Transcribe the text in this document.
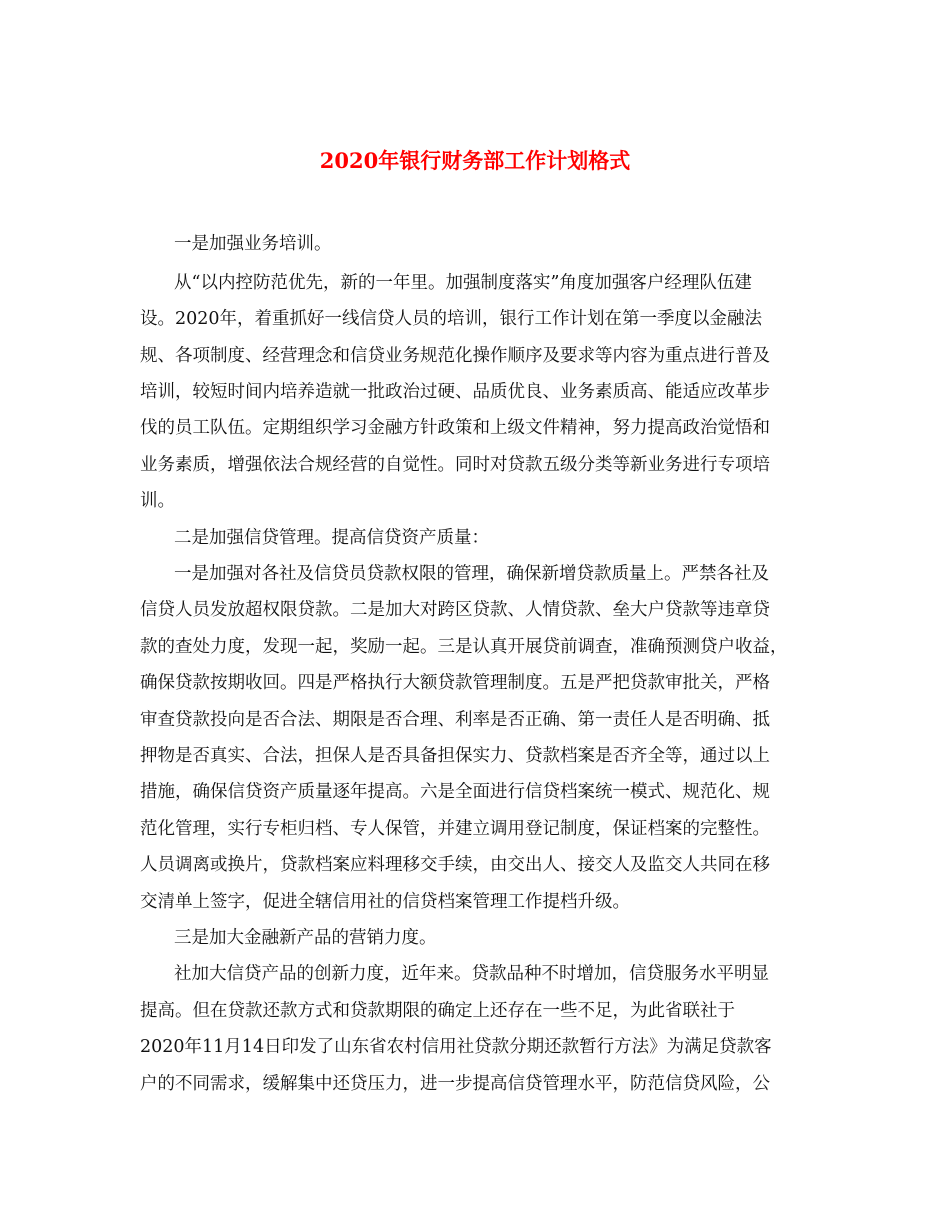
2020年银行财务部工作计划格式

一是加强业务培训。

从“以内控防范优先，新的一年里。加强制度落实”角度加强客户经理队伍建

设。2020年，着重抓好一线信贷人员的培训，银行工作计划在第一季度以金融法

规、各项制度、经营理念和信贷业务规范化操作顺序及要求等内容为重点进行普及

培训，较短时间内培养造就一批政治过硬、品质优良、业务素质高、能适应改革步

伐的员工队伍。定期组织学习金融方针政策和上级文件精神，努力提高政治觉悟和

业务素质，增强依法合规经营的自觉性。同时对贷款五级分类等新业务进行专项培

训。

二是加强信贷管理。提高信贷资产质量：

一是加强对各社及信贷员贷款权限的管理，确保新增贷款质量上。严禁各社及

信贷人员发放超权限贷款。二是加大对跨区贷款、人情贷款、垒大户贷款等违章贷

款的查处力度，发现一起，奖励一起。三是认真开展贷前调查，准确预测贷户收益，

确保贷款按期收回。四是严格执行大额贷款管理制度。五是严把贷款审批关，严格

审查贷款投向是否合法、期限是否合理、利率是否正确、第一责任人是否明确、抵

押物是否真实、合法，担保人是否具备担保实力、贷款档案是否齐全等，通过以上

措施，确保信贷资产质量逐年提高。六是全面进行信贷档案统一模式、规范化、规

范化管理，实行专柜归档、专人保管，并建立调用登记制度，保证档案的完整性。

人员调离或换片，贷款档案应料理移交手续，由交出人、接交人及监交人共同在移

交清单上签字，促进全辖信用社的信贷档案管理工作提档升级。

三是加大金融新产品的营销力度。

社加大信贷产品的创新力度，近年来。贷款品种不时增加，信贷服务水平明显

提高。但在贷款还款方式和贷款期限的确定上还存在一些不足，为此省联社于

2020年11月14日印发了山东省农村信用社贷款分期还款暂行方法》为满足贷款客

户的不同需求，缓解集中还贷压力，进一步提高信贷管理水平，防范信贷风险，公
